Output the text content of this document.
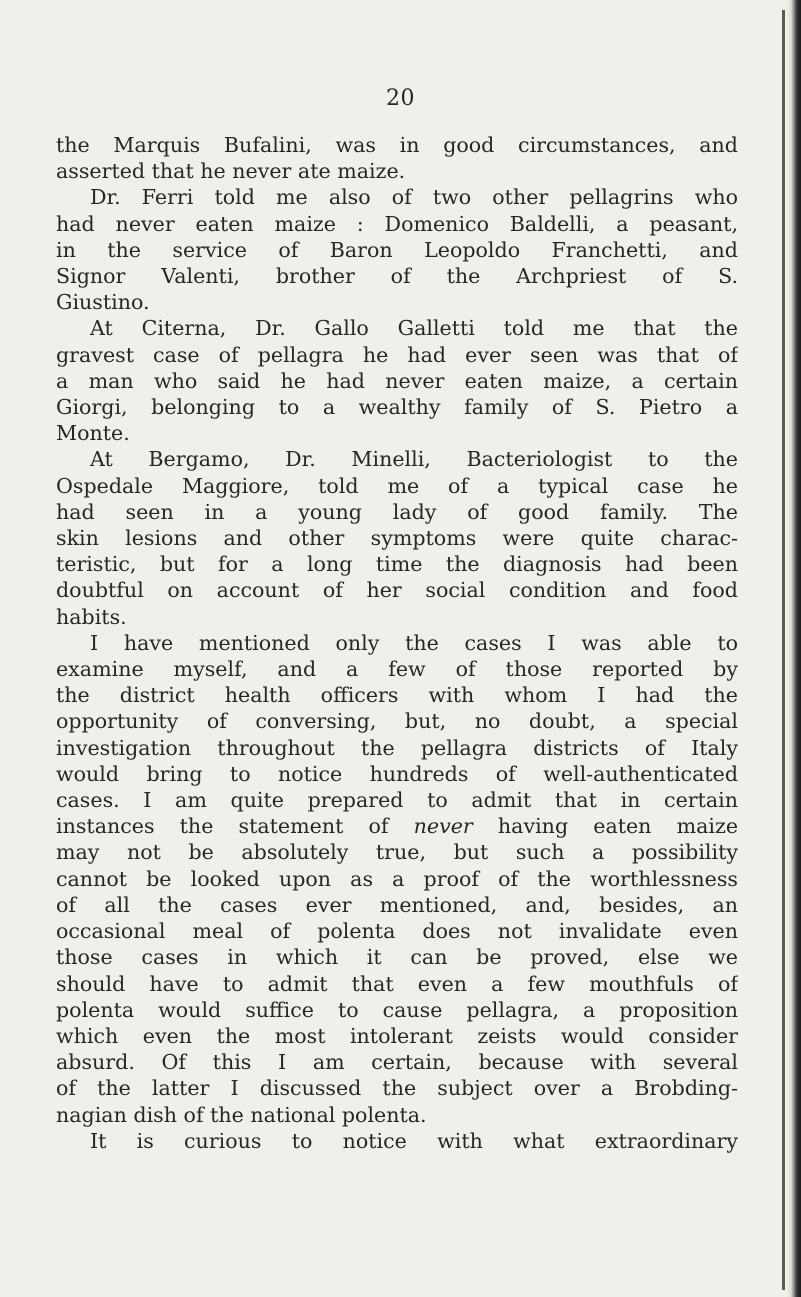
20
the Marquis Bufalini, was in good circumstances, and
asserted that he never ate maize.
Dr. Ferri told me also of two other pellagrins who
had never eaten maize : Domenico Baldelli, a peasant,
in the service of Baron Leopoldo Franchetti, and
Signor Valenti, brother of the Archpriest of S.
Giustino.
At Citerna, Dr. Gallo Galletti told me that the
gravest case of pellagra he had ever seen was that of
a man who said he had never eaten maize, a certain
Giorgi, belonging to a wealthy family of S. Pietro a
Monte.
At Bergamo, Dr. Minelli, Bacteriologist to the
Ospedale Maggiore, told me of a typical case he
had seen in a young lady of good family. The
skin lesions and other symptoms were quite charac-
teristic, but for a long time the diagnosis had been
doubtful on account of her social condition and food
habits.
I have mentioned only the cases I was able to
examine myself, and a few of those reported by
the district health officers with whom I had the
opportunity of conversing, but, no doubt, a special
investigation throughout the pellagra districts of Italy
would bring to notice hundreds of well-authenticated
cases. I am quite prepared to admit that in certain
instances the statement of never having eaten maize
may not be absolutely true, but such a possibility
cannot be looked upon as a proof of the worthlessness
of all the cases ever mentioned, and, besides, an
occasional meal of polenta does not invalidate even
those cases in which it can be proved, else we
should have to admit that even a few mouthfuls of
polenta would suffice to cause pellagra, a proposition
which even the most intolerant zeists would consider
absurd. Of this I am certain, because with several
of the latter I discussed the subject over a Brobding-
nagian dish of the national polenta.
It is curious to notice with what extraordinary
